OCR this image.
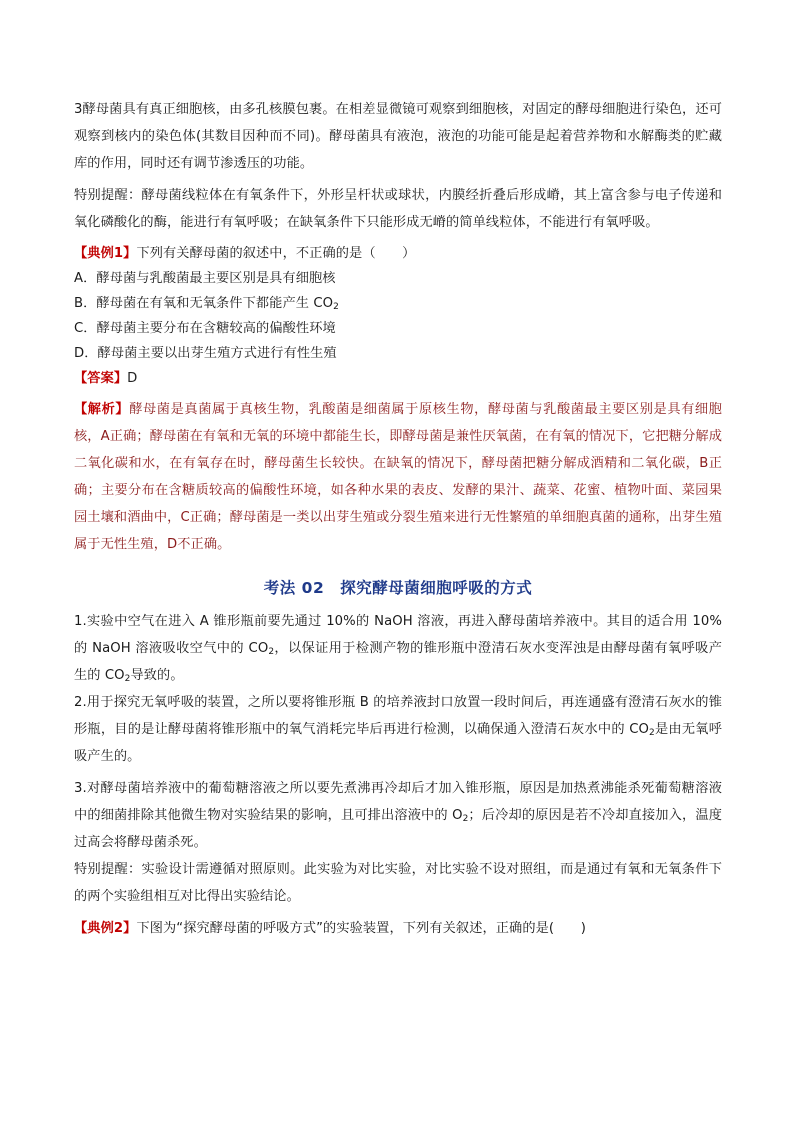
3酵母菌具有真正细胞核，由多孔核膜包裹。在相差显微镜可观察到细胞核，对固定的酵母细胞进行染色，还可观察到核内的染色体(其数目因种而不同)。酵母菌具有液泡，液泡的功能可能是起着营养物和水解酶类的贮藏库的作用，同时还有调节渗透压的功能。

特别提醒：酵母菌线粒体在有氧条件下，外形呈杆状或球状，内膜经折叠后形成嵴，其上富含参与电子传递和氧化磷酸化的酶，能进行有氧呼吸；在缺氧条件下只能形成无嵴的简单线粒体，不能进行有氧呼吸。

【典例1】下列有关酵母菌的叙述中，不正确的是（　　）

A．酵母菌与乳酸菌最主要区别是具有细胞核

B．酵母菌在有氧和无氧条件下都能产生 $CO_2$

C．酵母菌主要分布在含糖较高的偏酸性环境

D．酵母菌主要以出芽生殖方式进行有性生殖

【答案】D

【解析】酵母菌是真菌属于真核生物，乳酸菌是细菌属于原核生物，酵母菌与乳酸菌最主要区别是具有细胞核，A正确；酵母菌在有氧和无氧的环境中都能生长，即酵母菌是兼性厌氧菌，在有氧的情况下，它把糖分解成二氧化碳和水，在有氧存在时，酵母菌生长较快。在缺氧的情况下，酵母菌把糖分解成酒精和二氧化碳，B正确；主要分布在含糖质较高的偏酸性环境，如各种水果的表皮、发酵的果汁、蔬菜、花蜜、植物叶面、菜园果园土壤和酒曲中，C正确；酵母菌是一类以出芽生殖或分裂生殖来进行无性繁殖的单细胞真菌的通称，出芽生殖属于无性生殖，D不正确。

考法 02　探究酵母菌细胞呼吸的方式

1.实验中空气在进入 A 锥形瓶前要先通过 10%的 NaOH 溶液，再进入酵母菌培养液中。其目的适合用 10%的 NaOH 溶液吸收空气中的 $CO_2$，以保证用于检测产物的锥形瓶中澄清石灰水变浑浊是由酵母菌有氧呼吸产生的 $CO_2$导致的。

2.用于探究无氧呼吸的装置，之所以要将锥形瓶 B 的培养液封口放置一段时间后，再连通盛有澄清石灰水的锥形瓶，目的是让酵母菌将锥形瓶中的氧气消耗完毕后再进行检测，以确保通入澄清石灰水中的 $CO_2$是由无氧呼吸产生的。

3.对酵母菌培养液中的葡萄糖溶液之所以要先煮沸再冷却后才加入锥形瓶，原因是加热煮沸能杀死葡萄糖溶液中的细菌排除其他微生物对实验结果的影响，且可排出溶液中的 $O_2$；后冷却的原因是若不冷却直接加入，温度过高会将酵母菌杀死。

特别提醒：实验设计需遵循对照原则。此实验为对比实验，对比实验不设对照组，而是通过有氧和无氧条件下的两个实验组相互对比得出实验结论。

【典例2】下图为“探究酵母菌的呼吸方式”的实验装置，下列有关叙述，正确的是(　　)
